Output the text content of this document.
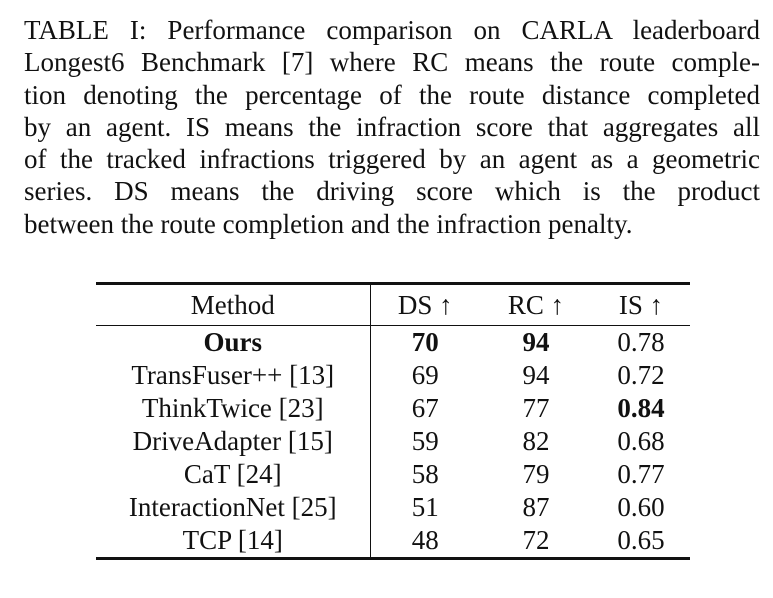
TABLE I: Performance comparison on CARLA leaderboard
Longest6 Benchmark [7] where RC means the route comple-
tion denoting the percentage of the route distance completed
by an agent. IS means the infraction score that aggregates all
of the tracked infractions triggered by an agent as a geometric
series. DS means the driving score which is the product
between the route completion and the infraction penalty.
Method	DS ↑	RC ↑	IS ↑
Ours	70	94	0.78
TransFuser++ [13]	69	94	0.72
ThinkTwice [23]	67	77	0.84
DriveAdapter [15]	59	82	0.68
CaT [24]	58	79	0.77
InteractionNet [25]	51	87	0.60
TCP [14]	48	72	0.65
